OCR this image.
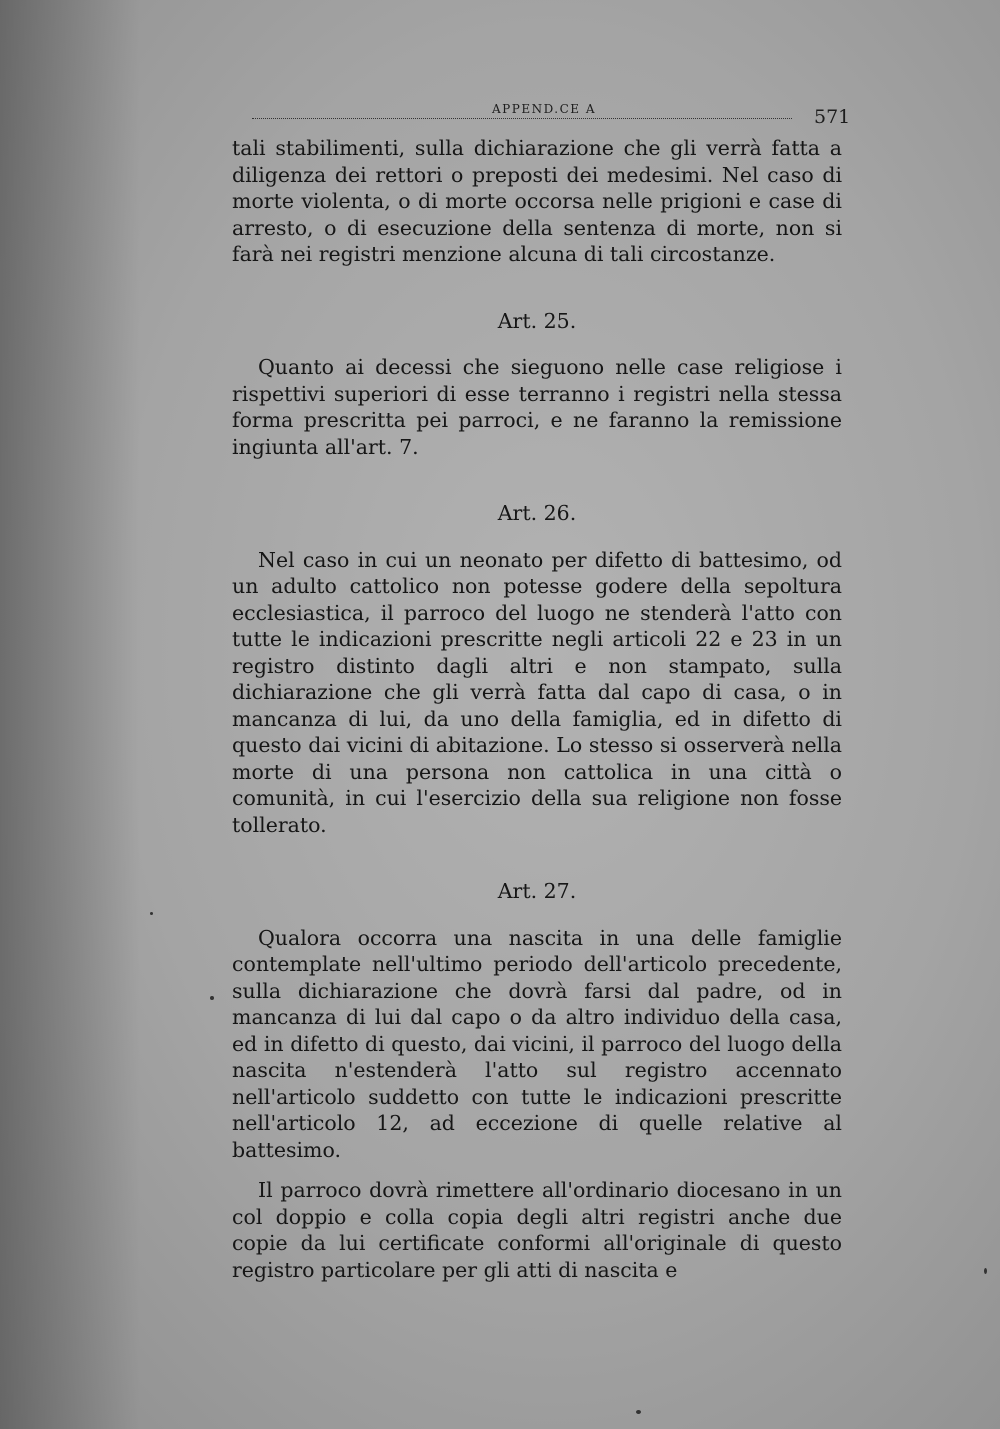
APPEND.CE A	571

tali stabilimenti, sulla dichiarazione che gli verrà fatta a diligenza dei rettori o preposti dei medesimi. Nel caso di morte violenta, o di morte occorsa nelle prigioni e case di arresto, o di esecuzione della sentenza di morte, non si farà nei registri menzione alcuna di tali circostanze.

Art. 25.

Quanto ai decessi che sieguono nelle case religiose i rispettivi superiori di esse terranno i registri nella stessa forma prescritta pei parroci, e ne faranno la remissione ingiunta all'art. 7.

Art. 26.

Nel caso in cui un neonato per difetto di battesimo, od un adulto cattolico non potesse godere della sepoltura ecclesiastica, il parroco del luogo ne stenderà l'atto con tutte le indicazioni prescritte negli articoli 22 e 23 in un registro distinto dagli altri e non stampato, sulla dichiarazione che gli verrà fatta dal capo di casa, o in mancanza di lui, da uno della famiglia, ed in difetto di questo dai vicini di abitazione. Lo stesso si osserverà nella morte di una persona non cattolica in una città o comunità, in cui l'esercizio della sua religione non fosse tollerato.

Art. 27.

Qualora occorra una nascita in una delle famiglie contemplate nell'ultimo periodo dell'articolo precedente, sulla dichiarazione che dovrà farsi dal padre, od in mancanza di lui dal capo o da altro individuo della casa, ed in difetto di questo, dai vicini, il parroco del luogo della nascita n'estenderà l'atto sul registro accennato nell'articolo suddetto con tutte le indicazioni prescritte nell'articolo 12, ad eccezione di quelle relative al battesimo.

Il parroco dovrà rimettere all'ordinario diocesano in un col doppio e colla copia degli altri registri anche due copie da lui certificate conformi all'originale di questo registro particolare per gli atti di nascita e
